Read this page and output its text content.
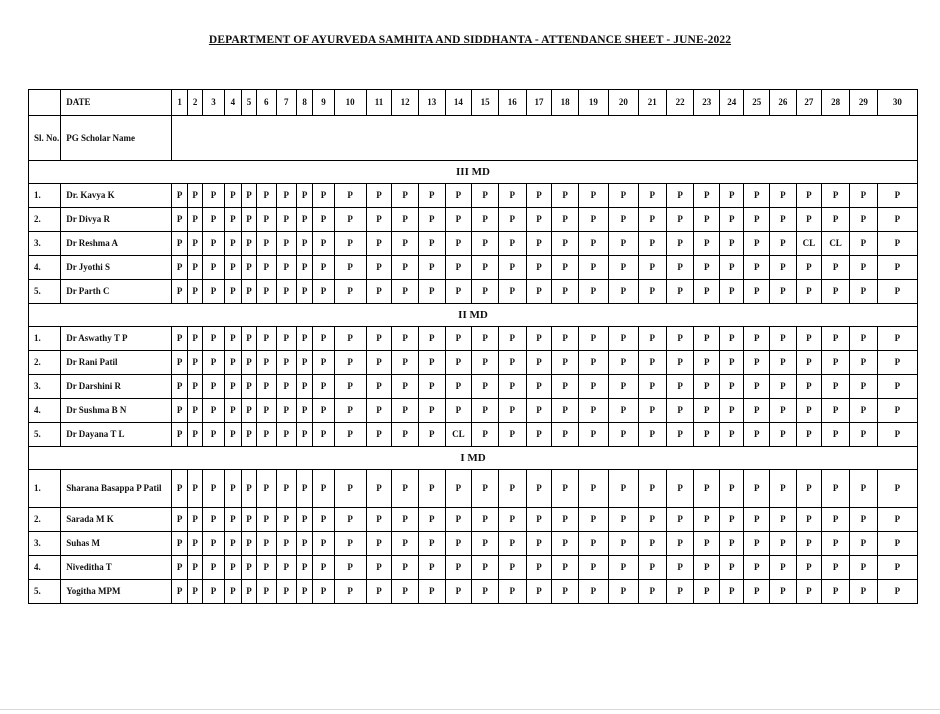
DEPARTMENT OF AYURVEDA SAMHITA AND SIDDHANTA - ATTENDANCE SHEET - JUNE-2022
	DATE	1	2	3	4	5	6	7	8	9	10	11	12	13	14	15	16	17	18	19	20	21	22	23	24	25	26	27	28	29	30
Sl. No.	PG Scholar Name																														
III MD																															
1.	Dr. Kavya K	P	P	P	P	P	P	P	P	P	P	P	P	P	P	P	P	P	P	P	P	P	P	P	P	P	P	P	P	P	P
2.	Dr Divya R	P	P	P	P	P	P	P	P	P	P	P	P	P	P	P	P	P	P	P	P	P	P	P	P	P	P	P	P	P	P
3.	Dr Reshma A	P	P	P	P	P	P	P	P	P	P	P	P	P	P	P	P	P	P	P	P	P	P	P	P	P	P	CL	CL	P	P
4.	Dr Jyothi S	P	P	P	P	P	P	P	P	P	P	P	P	P	P	P	P	P	P	P	P	P	P	P	P	P	P	P	P	P	P
5.	Dr Parth C	P	P	P	P	P	P	P	P	P	P	P	P	P	P	P	P	P	P	P	P	P	P	P	P	P	P	P	P	P	P
II MD																															
1.	Dr Aswathy T P	P	P	P	P	P	P	P	P	P	P	P	P	P	P	P	P	P	P	P	P	P	P	P	P	P	P	P	P	P	P
2.	Dr Rani Patil	P	P	P	P	P	P	P	P	P	P	P	P	P	P	P	P	P	P	P	P	P	P	P	P	P	P	P	P	P	P
3.	Dr Darshini R	P	P	P	P	P	P	P	P	P	P	P	P	P	P	P	P	P	P	P	P	P	P	P	P	P	P	P	P	P	P
4.	Dr Sushma B N	P	P	P	P	P	P	P	P	P	P	P	P	P	P	P	P	P	P	P	P	P	P	P	P	P	P	P	P	P	P
5.	Dr Dayana T L	P	P	P	P	P	P	P	P	P	P	P	P	P	CL	P	P	P	P	P	P	P	P	P	P	P	P	P	P	P	P
I MD																															
1.	Sharana Basappa P Patil	P	P	P	P	P	P	P	P	P	P	P	P	P	P	P	P	P	P	P	P	P	P	P	P	P	P	P	P	P	P
2.	Sarada M K	P	P	P	P	P	P	P	P	P	P	P	P	P	P	P	P	P	P	P	P	P	P	P	P	P	P	P	P	P	P
3.	Suhas M	P	P	P	P	P	P	P	P	P	P	P	P	P	P	P	P	P	P	P	P	P	P	P	P	P	P	P	P	P	P
4.	Niveditha T	P	P	P	P	P	P	P	P	P	P	P	P	P	P	P	P	P	P	P	P	P	P	P	P	P	P	P	P	P	P
5.	Yogitha MPM	P	P	P	P	P	P	P	P	P	P	P	P	P	P	P	P	P	P	P	P	P	P	P	P	P	P	P	P	P	P
